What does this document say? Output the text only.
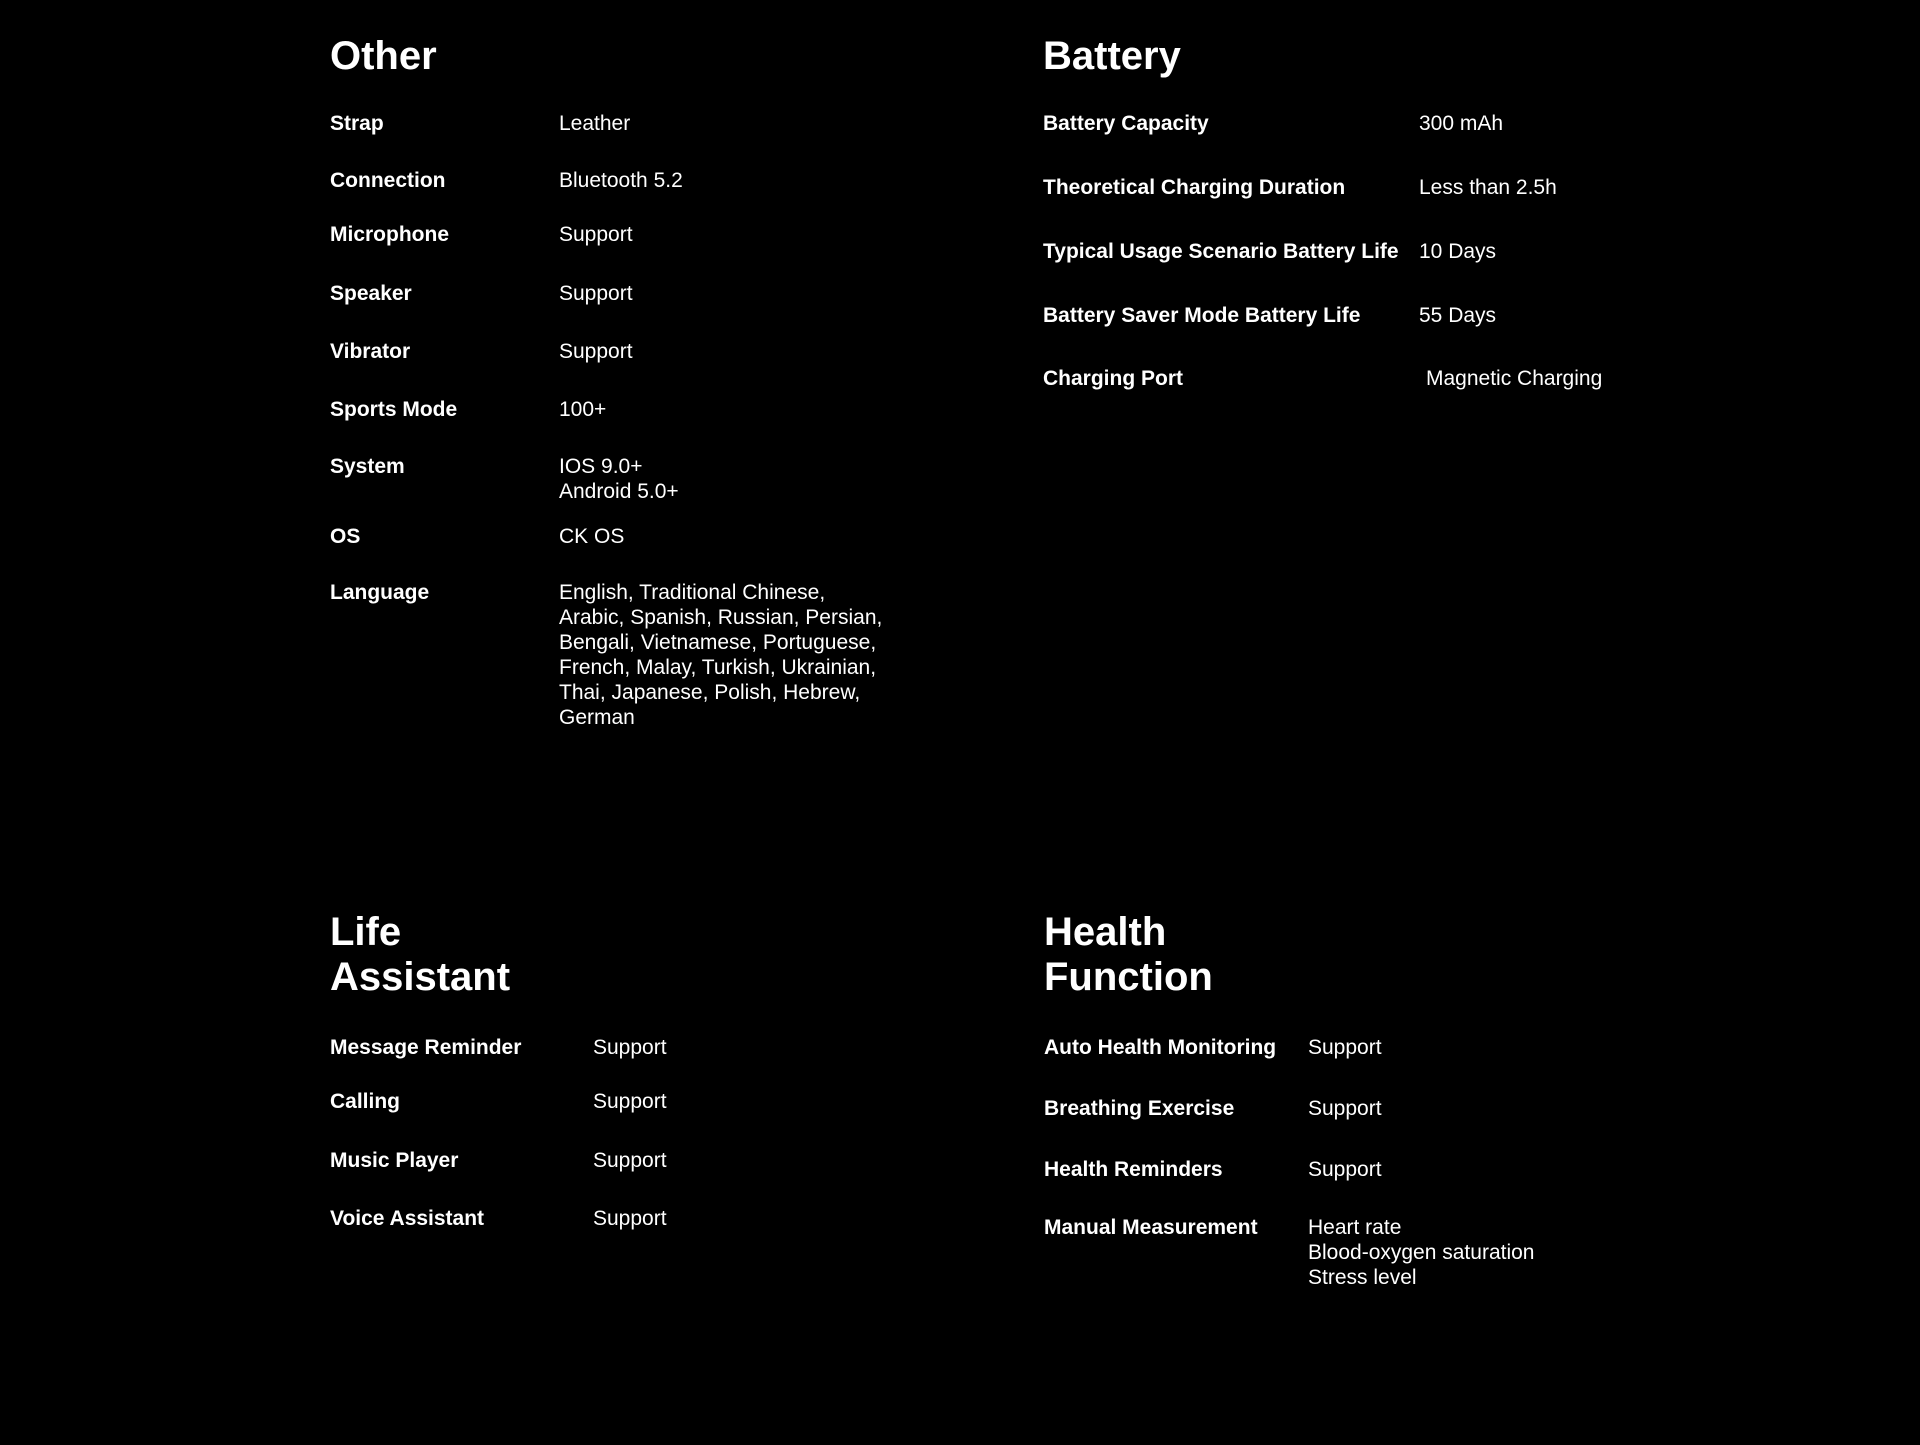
Other
Strap	Leather
Connection	Bluetooth 5.2
Microphone	Support
Speaker	Support
Vibrator	Support
Sports Mode	100+
System	IOS 9.0+
Android 5.0+
OS	CK OS
Language	English, Traditional Chinese,
Arabic, Spanish, Russian, Persian,
Bengali, Vietnamese, Portuguese,
French, Malay, Turkish, Ukrainian,
Thai, Japanese, Polish, Hebrew,
German
Battery
Battery Capacity	300 mAh
Theoretical Charging Duration	Less than 2.5h
Typical Usage Scenario Battery Life 10 Days
Battery Saver Mode Battery Life	55 Days
Charging Port	Magnetic Charging
Life
Assistant
Message Reminder	Support
Calling	Support
Music Player	Support
Voice Assistant	Support
Health
Function
Auto Health Monitoring Support
Breathing Exercise	Support
Health Reminders	Support
Manual Measurement Heart rate
Blood-oxygen saturation
Stress level
